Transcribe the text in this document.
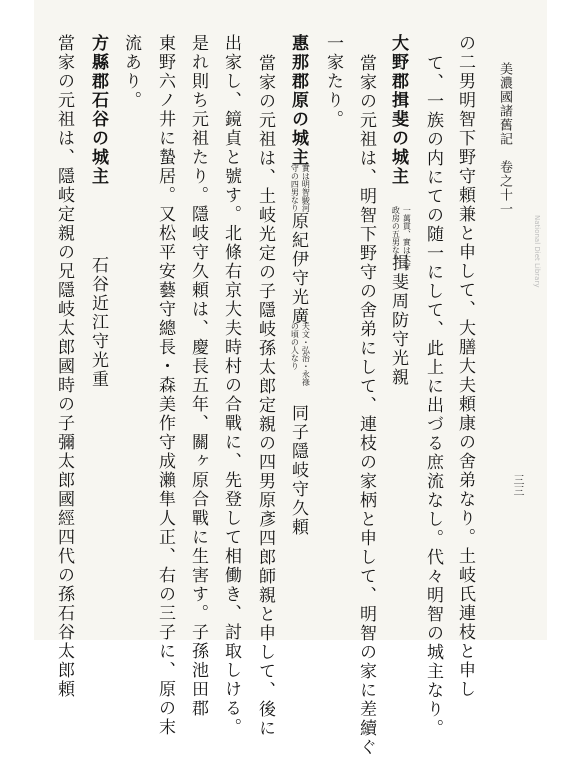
美濃國諸舊記　卷之十一
National Diet Library
三三
の二男明智下野守頼兼と申して、大膳大夫頼康の舍弟なり。土岐氏連枝と申し
て、一族の内にての随一にして、此上に出づる庶流なし。代々明智の城主なり。
大野郡揖斐の城主
一萬貫、實は大守
政房の五男なり
揖斐周防守光親
當家の元祖は、明智下野守の舍弟にして、連枝の家柄と申して、明智の家に差續ぐ
一家たり。
惠那郡原の城主
實は明智駿河
守の四男なり
原紀伊守光廣
天文・弘治・永祿
の頃の人なり
同子隱岐守久頼
當家の元祖は、土岐光定の子隱岐孫太郎定親の四男原彥四郎師親と申して、後に
出家し、鏡貞と號す。北條右京大夫時村の合戰に、先登して相働き、討取しける。
是れ則ち元祖たり。隱岐守久頼は、慶長五年、關ヶ原合戰に生害す。子孫池田郡
東野六ノ井に蟄居。又松平安藝守總長・森美作守成瀨隼人正、右の三子に、原の末
流あり。
方縣郡石谷の城主
石谷近江守光重
當家の元祖は、隱岐定親の兄隱岐太郎國時の子彌太郎國經四代の孫石谷太郎頼
